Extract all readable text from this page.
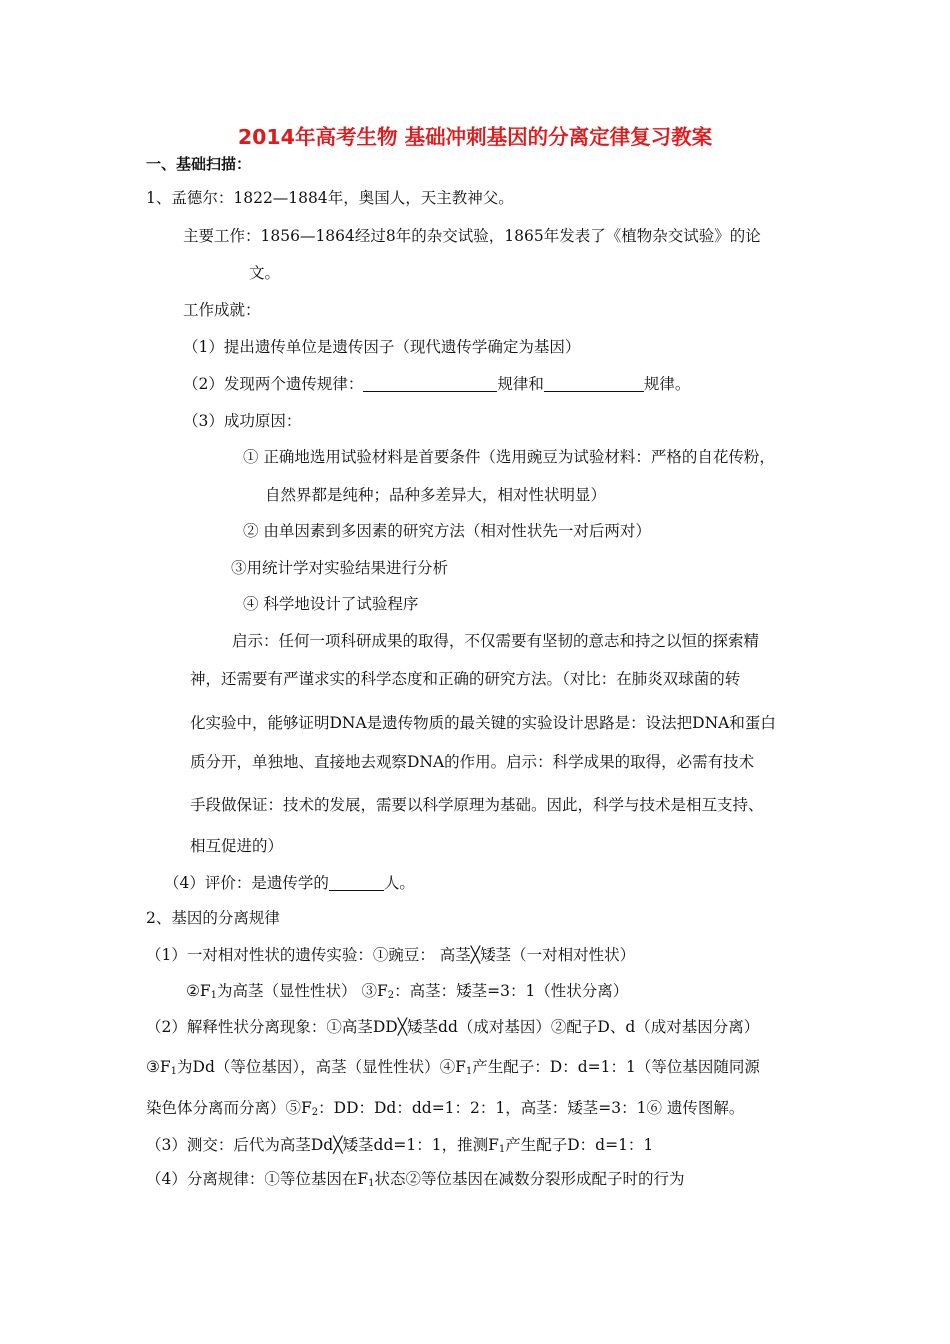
2014年高考生物 基础冲刺基因的分离定律复习教案
一、基础扫描：
1、孟德尔：1822—1884年，奥国人，天主教神父。
主要工作：1856—1864经过8年的杂交试验，1865年发表了《植物杂交试验》的论
文。
工作成就：
（1）提出遗传单位是遗传因子（现代遗传学确定为基因）
（2）发现两个遗传规律：	规律和	规律。
（3）成功原因：
① 正确地选用试验材料是首要条件（选用豌豆为试验材料：严格的自花传粉，
自然界都是纯种；品种多差异大，相对性状明显）
② 由单因素到多因素的研究方法（相对性状先一对后两对）
③用统计学对实验结果进行分析
④ 科学地设计了试验程序
启示：任何一项科研成果的取得，不仅需要有坚韧的意志和持之以恒的探索精
神，还需要有严谨求实的科学态度和正确的研究方法。（对比：在肺炎双球菌的转
化实验中，能够证明DNA是遗传物质的最关键的实验设计思路是：设法把DNA和蛋白
质分开，单独地、直接地去观察DNA的作用。启示：科学成果的取得，必需有技术
手段做保证：技术的发展，需要以科学原理为基础。因此，科学与技术是相互支持、
相互促进的）
（4）评价：是遗传学的	人。
2、基因的分离规律
（1）一对相对性状的遗传实验：①豌豆： 高茎╳矮茎（一对相对性状）
$②F_1$为高茎（显性性状） $③F_2$：高茎：矮茎=3：1（性状分离）
（2）解释性状分离现象：①高茎DD╳矮茎dd（成对基因）②配子D、d（成对基因分离）
$③F_1$为Dd（等位基因），高茎（显性性状）$④F_1$产生配子：D：d=1：1（等位基因随同源
染色体分离而分离）$⑤F_2$：DD：Dd：dd=1：2：1，高茎：矮茎=3：1⑥ 遗传图解。
（3）测交：后代为高茎Dd╳矮茎dd=1：1，推测$F_1$产生配子D：d=1：1
（4）分离规律：①等位基因在$F_1$状态②等位基因在减数分裂形成配子时的行为
